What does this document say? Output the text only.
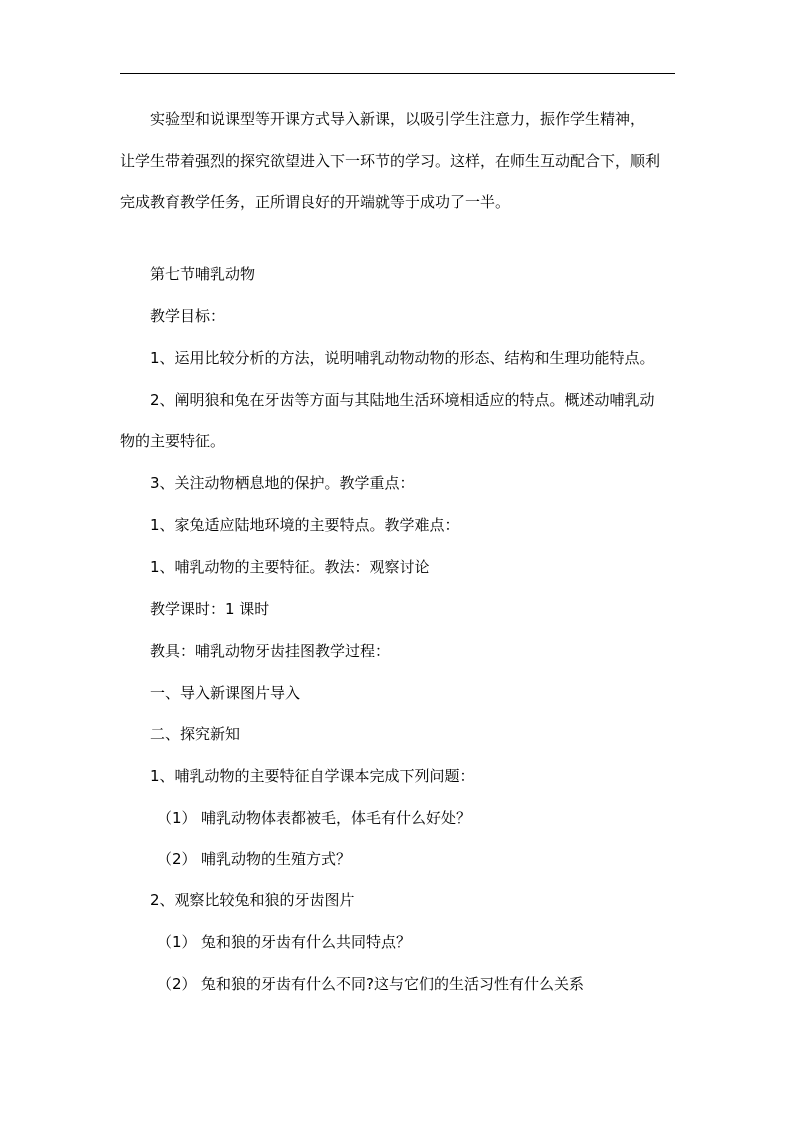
实验型和说课型等开课方式导入新课，以吸引学生注意力，振作学生精神，
让学生带着强烈的探究欲望进入下一环节的学习。这样，在师生互动配合下，顺利
完成教育教学任务，正所谓良好的开端就等于成功了一半。
第七节哺乳动物
教学目标：
1、运用比较分析的方法，说明哺乳动物动物的形态、结构和生理功能特点。
2、阐明狼和兔在牙齿等方面与其陆地生活环境相适应的特点。概述动哺乳动
物的主要特征。
3、关注动物栖息地的保护。教学重点：
1、家兔适应陆地环境的主要特点。教学难点：
1、哺乳动物的主要特征。教法：观察讨论
教学课时：1 课时
教具：哺乳动物牙齿挂图教学过程：
一、导入新课图片导入
二、探究新知
1、哺乳动物的主要特征自学课本完成下列问题：
（1） 哺乳动物体表都被毛，体毛有什么好处？
（2） 哺乳动物的生殖方式？
2、观察比较兔和狼的牙齿图片
（1） 兔和狼的牙齿有什么共同特点？
（2） 兔和狼的牙齿有什么不同?这与它们的生活习性有什么关系
